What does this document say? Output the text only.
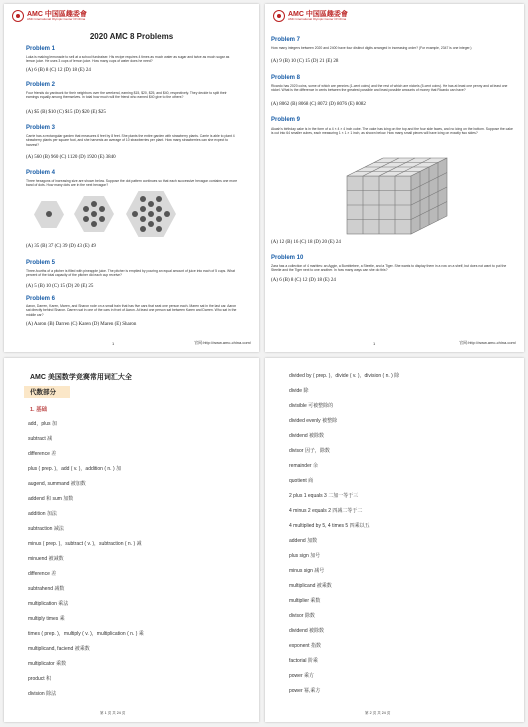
AMC 中国區趣委會
AMC International Olympic Center Of China
2020 AMC 8 Problems
Problem 1
Luka is making lemonade to sell at a school fundraiser. His recipe requires 4 times as much water as sugar and twice as much sugar as lemon juice. He uses 3 cups of lemon juice. How many cups of water does he need?
(A) 6 (B) 8 (C) 12 (D) 18 (E) 24
Problem 2
Four friends do yardwork for their neighbors over the weekend, earning $15, $20, $25, and $40, respectively. They decide to split their earnings equally among themselves. In total how much will the friend who earned $40 give to the others?
(A) $5 (B) $10 (C) $15 (D) $20 (E) $25
Problem 3
Carrie has a rectangular garden that measures 6 feet by 8 feet. She plants the entire garden with strawberry plants. Carrie is able to plant 4 strawberry plants per square foot, and she harvests an average of 10 strawberries per plant. How many strawberries can she expect to harvest?
(A) 560 (B) 960 (C) 1120 (D) 1920 (E) 3840
Problem 4
Three hexagons of increasing size are shown below. Suppose the dot pattern continues so that each successive hexagon contains one more band of dots. How many dots are in the next hexagon?
(A) 35 (B) 37 (C) 39 (D) 43 (E) 49
Problem 5
Three-fourths of a pitcher is filled with pineapple juice. The pitcher is emptied by pouring an equal amount of juice into each of 5 cups. What percent of the total capacity of the pitcher did each cup receive?
(A) 5 (B) 10 (C) 15 (D) 20 (E) 25
Problem 6
Aaron, Darren, Karen, Maren, and Sharon rode on a small train that has five cars that seat one person each. Maren sat in the last car. Aaron sat directly behind Sharon. Darren sat in one of the cars in front of Aaron. At least one person sat between Karen and Darren. Who sat in the middle car?
(A) Aaron (B) Darren (C) Karen (D) Maren (E) Sharon
1	官网:http://www.amc-china.com/
AMC 中国區趣委會
AMC International Olympic Center Of China
Problem 7
How many integers between 2020 and 2400 have four distinct digits arranged in increasing order? (For example, 2347 is one integer.)
(A) 9 (B) 10 (C) 15 (D) 21 (E) 28
Problem 8
Ricardo has 2020 coins, some of which are pennies (1-cent coins) and the rest of which are nickels (5-cent coins). He has at least one penny and at least one nickel. What is the difference in cents between the greatest possible and least possible amounts of money that Ricardo can have?
(A) 8062 (B) 8068 (C) 8072 (D) 8076 (E) 8082
Problem 9
Akash's birthday cake is in the form of a 4 × 4 × 4 inch cube. The cake has icing on the top and the four side faces, and no icing on the bottom. Suppose the cake is cut into 64 smaller cubes, each measuring 1 × 1 × 1 inch, as shown below. How many small pieces will have icing on exactly two sides?
(A) 12 (B) 16 (C) 18 (D) 20 (E) 24
Problem 10
Zara has a collection of 4 marbles: an Aggie, a Bumblebee, a Steelie, and a Tiger. She wants to display them in a row on a shelf, but does not want to put the Steelie and the Tiger next to one another. In how many ways can she do this?
(A) 6 (B) 8 (C) 12 (D) 18 (E) 24
1	官网:http://www.amc-china.com/
AMC 美国数学竞赛常用词汇大全
代数部分
1. 基础
add，plus 加
subtract 减
difference 差
plus ( prep. )，add ( v. )，addition ( n. ) 加
augend, summand 被加数
addend 和 sum 加数
addition 加法
subtraction 减法
minus ( prep. )，subtract ( v. )，subtraction ( n. ) 减
minuend 被减数
difference 差
subtrahend 减数
multiplication 乘法
multiply times 乘
times ( prep. )，multiply ( v. )，multiplication ( n. ) 乘
multiplicand, faciend 被乘数
multiplicator 乘数
product 积
division 除法
第 1 页 共 24 页
divided by ( prep. )，divide ( v. )，division ( n. ) 除
divide 除
divisible 可被整除的
divided evenly 被整除
dividend 被除数
divisor 因子，除数
remainder 余
quotient 商
2 plus 1 equals 3 二加一等于三
4 minus 2 equals 2 四减二等于二
4 multiplied by 5, 4 times 5 四乘以五
addend 加数
plus sign 加号
minus sign 减号
multiplicand 被乘数
multiplier 乘数
divisor 除数
dividend 被除数
exponent 指数
factorial 阶乘
power 乘方
power 幂,乘方
第 2 页 共 24 页
